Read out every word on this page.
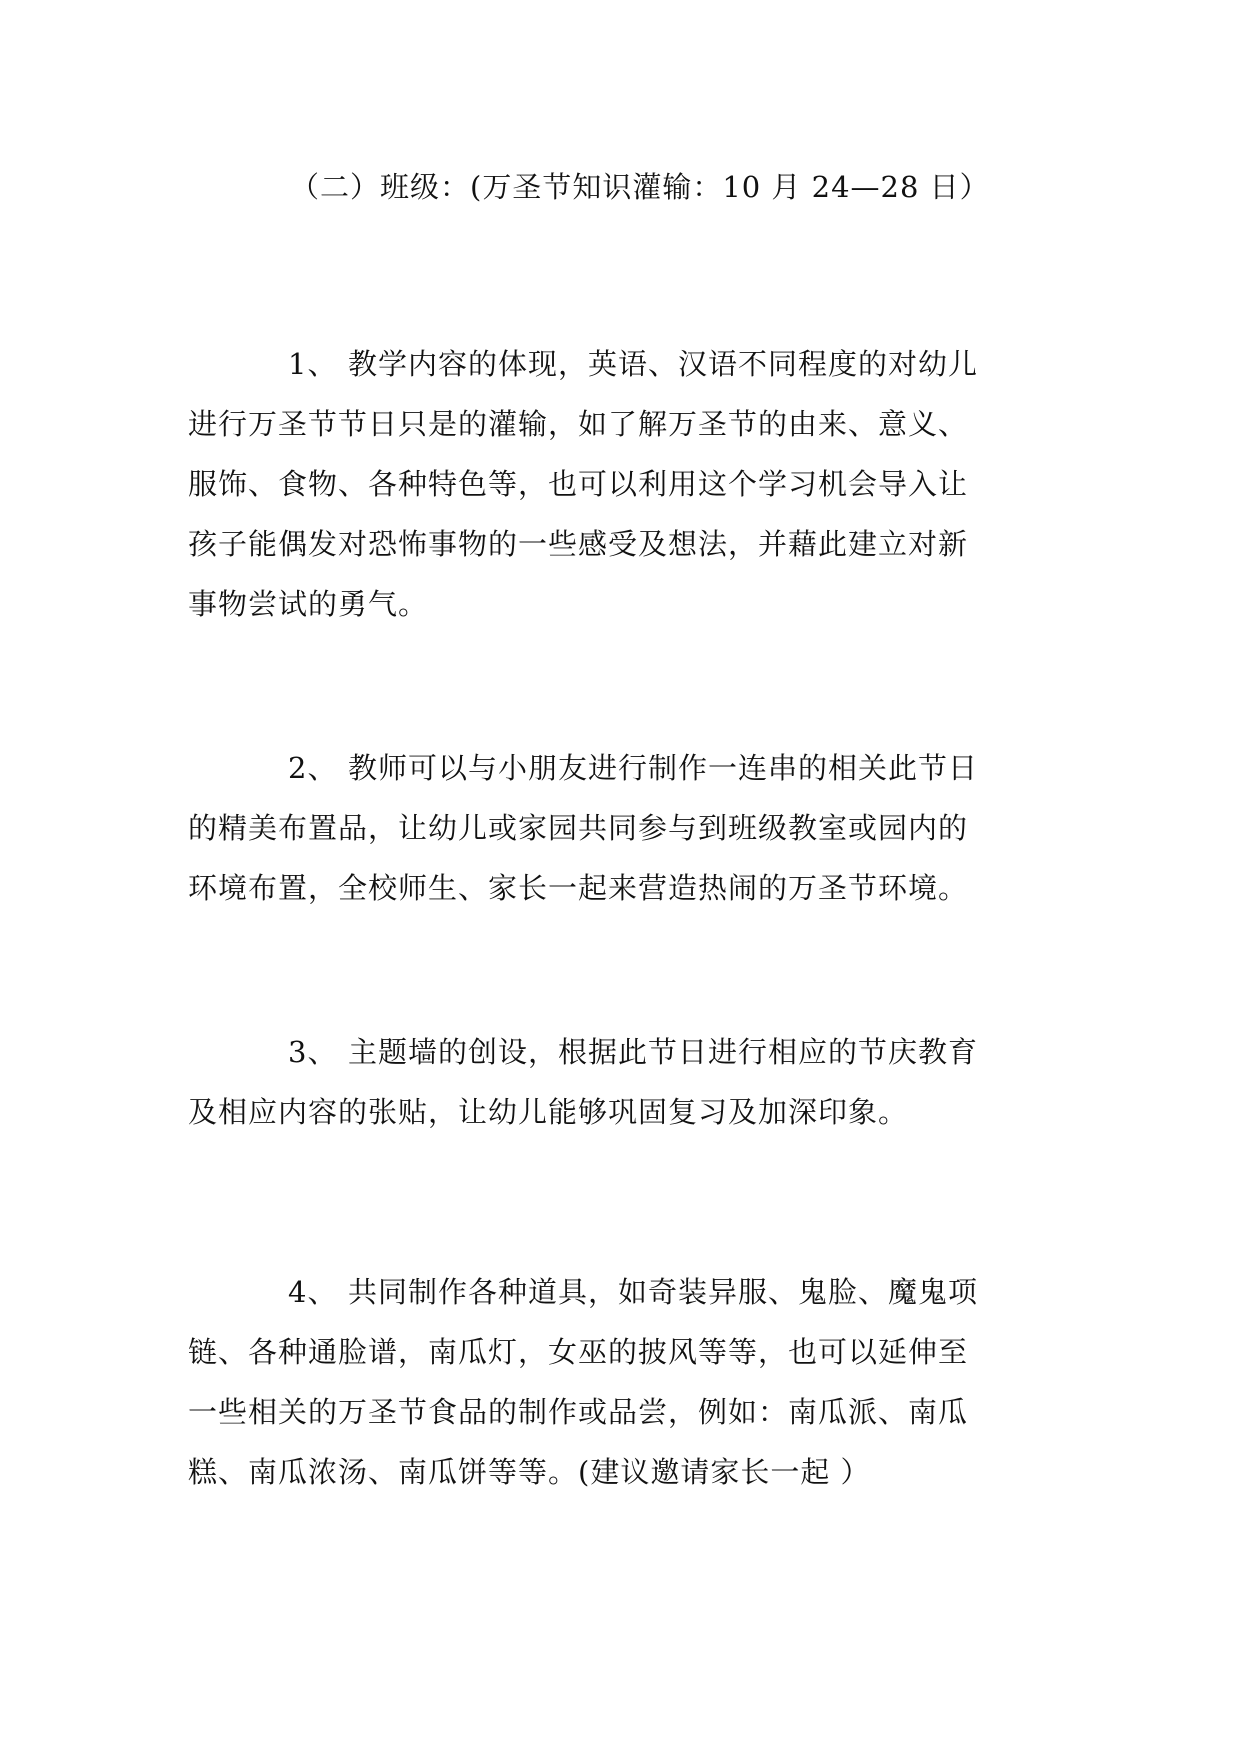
（二）班级：(万圣节知识灌输：10 月 24—28 日）
1、 教学内容的体现，英语、汉语不同程度的对幼儿
进行万圣节节日只是的灌输，如了解万圣节的由来、意义、
服饰、食物、各种特色等，也可以利用这个学习机会导入让
孩子能偶发对恐怖事物的一些感受及想法，并藉此建立对新
事物尝试的勇气。
2、 教师可以与小朋友进行制作一连串的相关此节日
的精美布置品，让幼儿或家园共同参与到班级教室或园内的
环境布置，全校师生、家长一起来营造热闹的万圣节环境。
3、 主题墙的创设，根据此节日进行相应的节庆教育
及相应内容的张贴，让幼儿能够巩固复习及加深印象。
4、 共同制作各种道具，如奇装异服、鬼脸、魔鬼项
链、各种通脸谱，南瓜灯，女巫的披风等等，也可以延伸至
一些相关的万圣节食品的制作或品尝，例如：南瓜派、南瓜
糕、南瓜浓汤、南瓜饼等等。(建议邀请家长一起 ）
